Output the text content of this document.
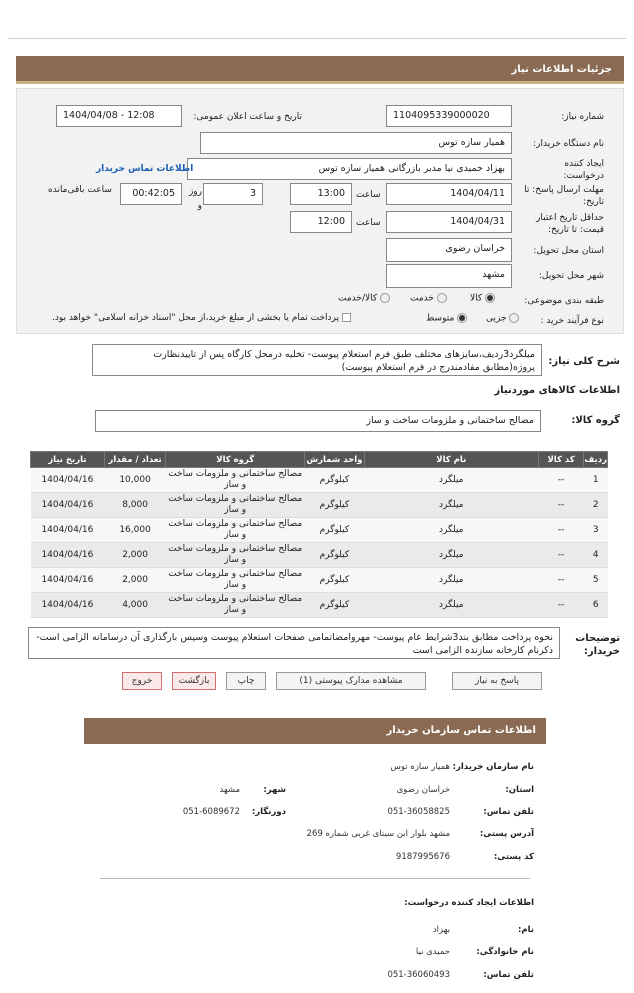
جزئیات اطلاعات نیاز
شماره نیاز:
1104095339000020
تاریخ و ساعت اعلان عمومی:
1404/04/08 - 12:08
نام دستگاه خریدار:
همیار سازه توس
ایجاد کننده درخواست:
بهزاد حمیدی نیا مدیر بازرگانی همیار سازه توس
اطلاعات تماس خریدار
مهلت ارسال پاسخ: تا تاریخ:
1404/04/11
ساعت
13:00
3
روز و
00:42:05
ساعت باقی‌مانده
حداقل تاریخ اعتبار قیمت: تا تاریخ:
1404/04/31
ساعت
12:00
استان محل تحویل:
خراسان رضوی
شهر محل تحویل:
مشهد
طبقه بندی موضوعی:
کالا
خدمت
کالا/خدمت
نوع فرآیند خرید :
جزیی
متوسط
پرداخت تمام یا بخشی از مبلغ خرید،از محل "اسناد خزانه اسلامی" خواهد بود.
شرح کلی نیاز:
میلگرد3ردیف،سایزهای مختلف طبق فرم استعلام پیوست- تخلیه درمحل کارگاه پس از تاییدنظارت پروژه(مطابق مفادمندرج در فرم استعلام پیوست)
اطلاعات کالاهای موردنیاز
گروه کالا:
مصالح ساختمانی و ملزومات ساخت و ساز
ردیف	کد کالا	نام کالا	واحد شمارش	گروه کالا	تعداد / مقدار	تاریخ نیاز
1	--	میلگرد	کیلوگرم	مصالح ساختمانی و ملزومات ساخت و ساز	10,000	1404/04/16
2	--	میلگرد	کیلوگرم	مصالح ساختمانی و ملزومات ساخت و ساز	8,000	1404/04/16
3	--	میلگرد	کیلوگرم	مصالح ساختمانی و ملزومات ساخت و ساز	16,000	1404/04/16
4	--	میلگرد	کیلوگرم	مصالح ساختمانی و ملزومات ساخت و ساز	2,000	1404/04/16
5	--	میلگرد	کیلوگرم	مصالح ساختمانی و ملزومات ساخت و ساز	2,000	1404/04/16
6	--	میلگرد	کیلوگرم	مصالح ساختمانی و ملزومات ساخت و ساز	4,000	1404/04/16
توضیحات خریدار:
نحوه پرداخت مطابق بند3شرایط عام پیوست- مهروامضاتمامی صفحات استعلام پیوست وسپس بارگذاری آن درسامانه الزامی است- ذکرنام کارخانه سازنده الزامی است
پاسخ به نیاز
مشاهده مدارک پیوستی (1)
چاپ
بازگشت
خروج
اطلاعات تماس سازمان خریدار
نام سازمان خریدار:
همیار سازه توس
استان:
خراسان رضوی
شهر:
مشهد
تلفن تماس:
051-36058825
دورنگار:
051-6089672
آدرس پستی:
مشهد بلوار ابن سینای غربی شماره 269
کد پستی:
9187995676
اطلاعات ایجاد کننده درخواست:
نام:
بهزاد
نام خانوادگی:
حمیدی نیا
تلفن تماس:
051-36060493
